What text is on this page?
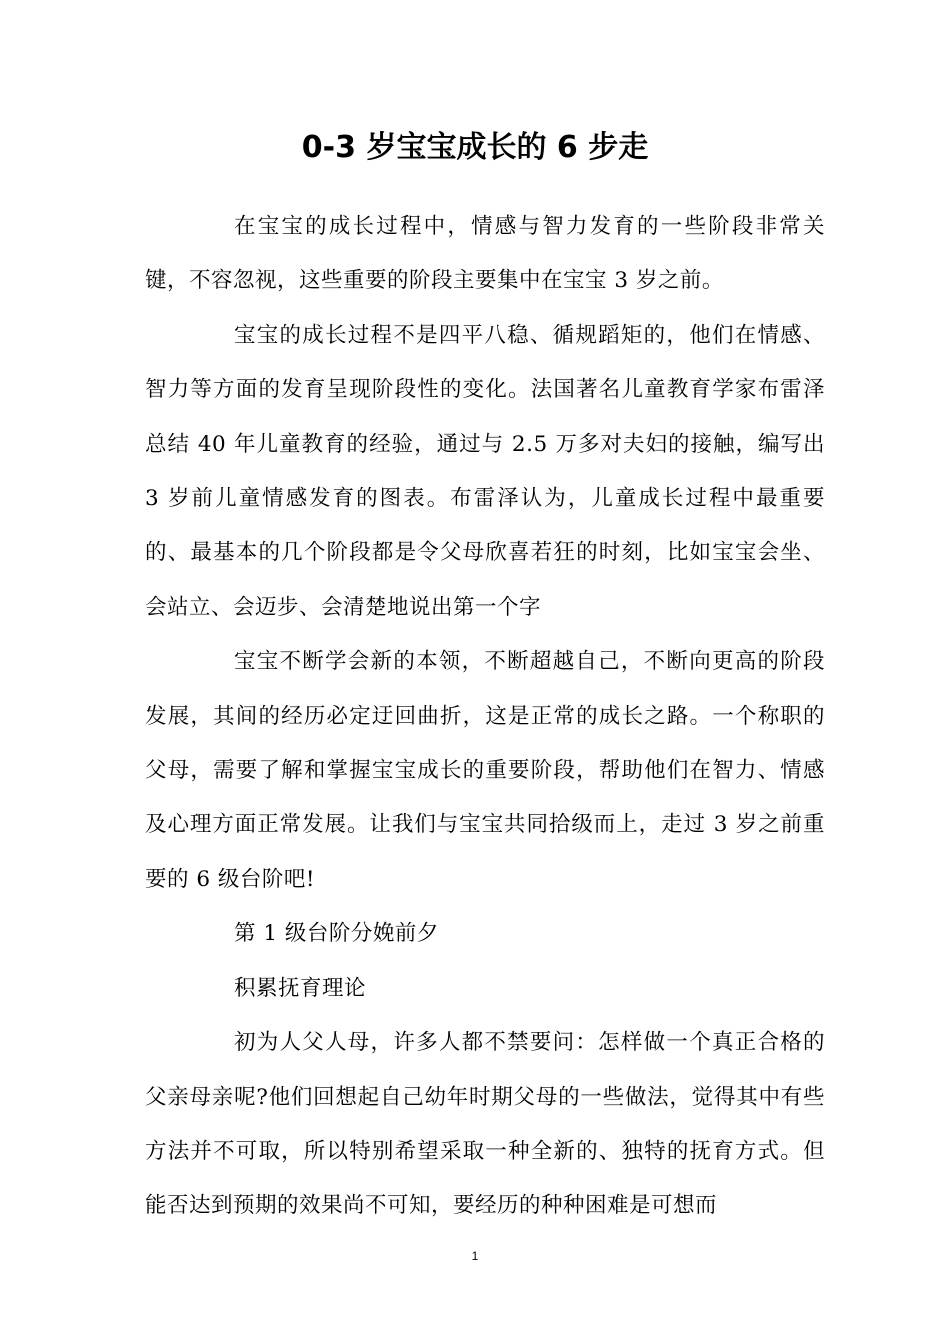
0-3 岁宝宝成长的 6 步走

在宝宝的成长过程中，情感与智力发育的一些阶段非常关键，不容忽视，这些重要的阶段主要集中在宝宝 3 岁之前。

宝宝的成长过程不是四平八稳、循规蹈矩的，他们在情感、智力等方面的发育呈现阶段性的变化。法国著名儿童教育学家布雷泽总结 40 年儿童教育的经验，通过与 2.5 万多对夫妇的接触，编写出 3 岁前儿童情感发育的图表。布雷泽认为，儿童成长过程中最重要的、最基本的几个阶段都是令父母欣喜若狂的时刻，比如宝宝会坐、会站立、会迈步、会清楚地说出第一个字

宝宝不断学会新的本领，不断超越自己，不断向更高的阶段发展，其间的经历必定迂回曲折，这是正常的成长之路。一个称职的父母，需要了解和掌握宝宝成长的重要阶段，帮助他们在智力、情感及心理方面正常发展。让我们与宝宝共同拾级而上，走过 3 岁之前重要的 6 级台阶吧!

第 1 级台阶分娩前夕

积累抚育理论

初为人父人母，许多人都不禁要问：怎样做一个真正合格的父亲母亲呢?他们回想起自己幼年时期父母的一些做法，觉得其中有些方法并不可取，所以特别希望采取一种全新的、独特的抚育方式。但能否达到预期的效果尚不可知，要经历的种种困难是可想而

1
